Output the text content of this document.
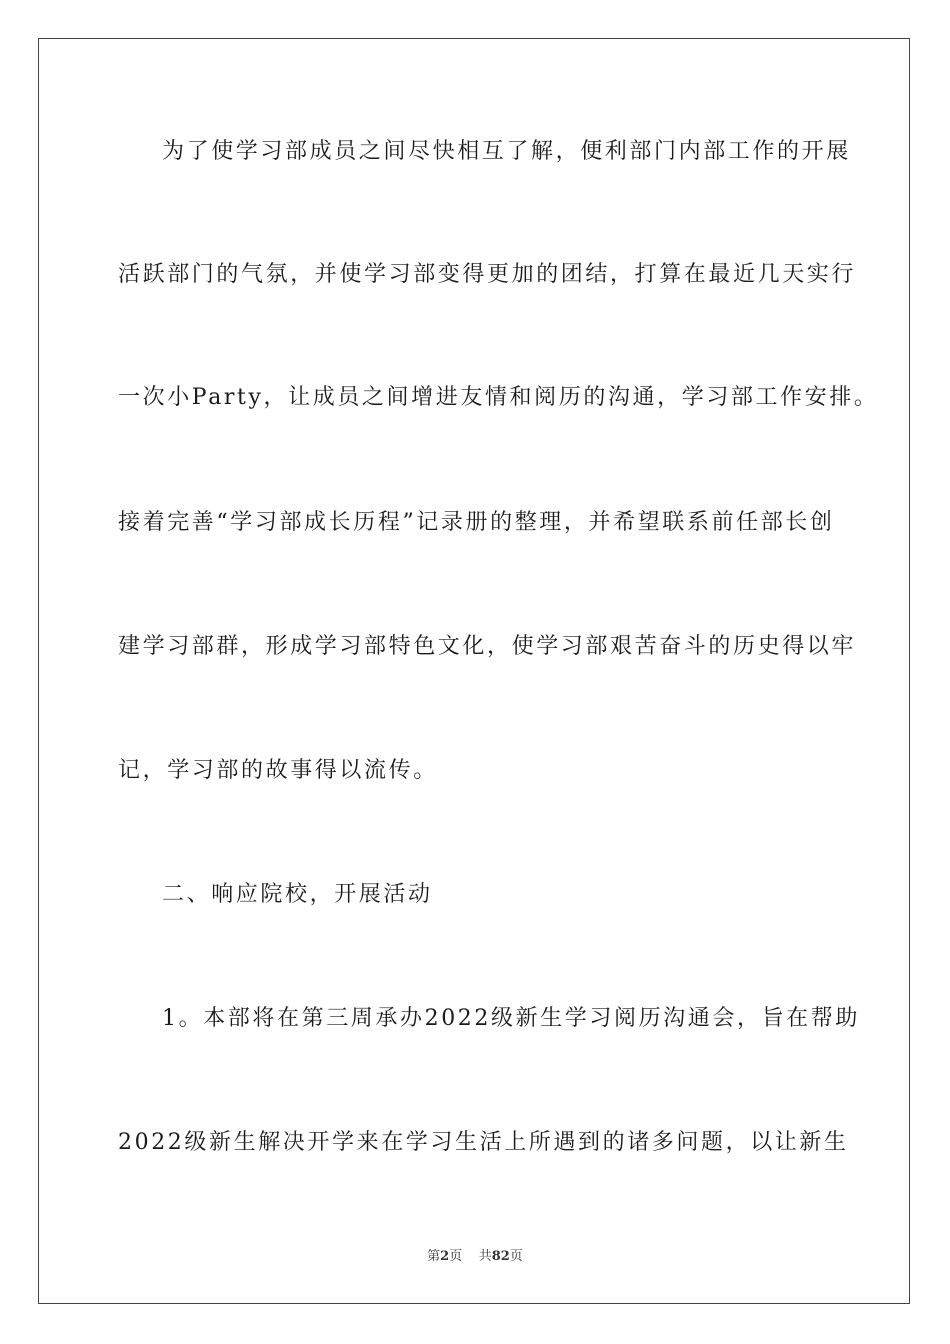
为了使学习部成员之间尽快相互了解，便利部门内部工作的开展
活跃部门的气氛，并使学习部变得更加的团结，打算在最近几天实行
一次小Party，让成员之间增进友情和阅历的沟通，学习部工作安排。
接着完善“学习部成长历程”记录册的整理，并希望联系前任部长创
建学习部群，形成学习部特色文化，使学习部艰苦奋斗的历史得以牢
记，学习部的故事得以流传。
二、响应院校，开展活动
1。本部将在第三周承办2022级新生学习阅历沟通会，旨在帮助
2022级新生解决开学来在学习生活上所遇到的诸多问题，以让新生
第2页 共82页
